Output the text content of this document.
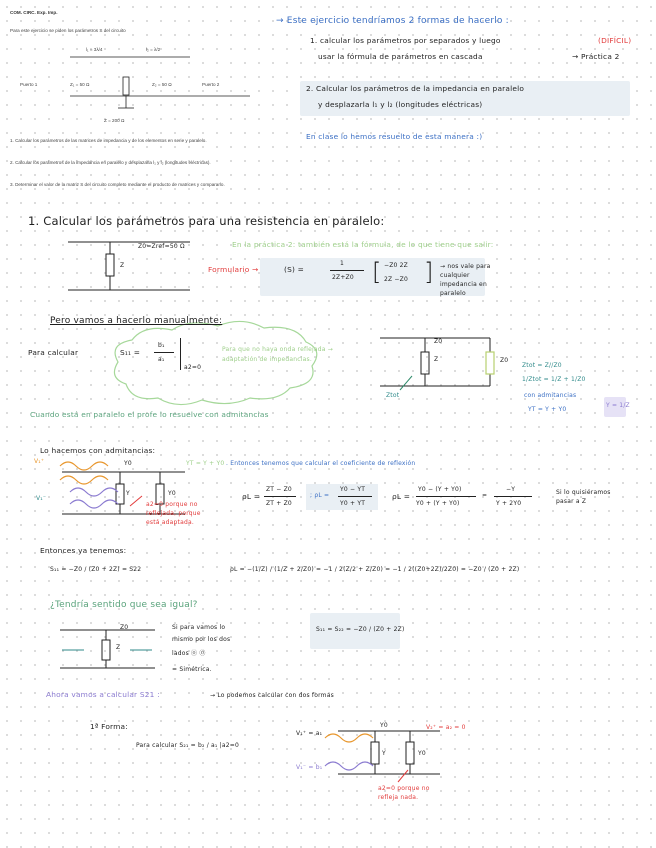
COM. CIRC. Exp. Imp.
Para este ejercicio se piden los parámetros S del circuito
l₁ = 3λ/4	l₂ = λ/2
Puerto 1	Z₁ = 50 Ω	Z₂ = 50 Ω	Puerto 2
Z = 200 Ω
1. Calcular los parámetros de las matrices de impedancia y de los elementos en serie y paralelo.
2. Calcular los parámetros de la impedancia en paralelo y desplazarla l₁ y l₂ (longitudes eléctricas).
3. Determinar el valor de la matriz S del circuito completo mediante el producto de matrices y compararlo.
→ Este ejercicio tendríamos 2 formas de hacerlo :
1. calcular los parámetros por separados y luego	(DIFÍCIL)
usar la fórmula de parámetros en cascada	→ Práctica 2
2. Calcular los parámetros de la impedancia en paralelo
y desplazarla l₁ y l₂ (longitudes eléctricas)
En clase lo hemos resuelto de esta manera :)
1. Calcular los parámetros para una resistencia en paralelo:
Z0=Zref=50 Ω
Z
En la práctica 2: también está la fórmula, de lo que tiene que salir:
Formulario →	(S) =
1
2Z+Z0 [ −Z0 2Z
2Z −Z0 ] → nos vale para cualquier impedancia en paralelo
Pero vamos a hacerlo manualmente:
Para calcular	S₁₁ =
b₁
a₁
a2=0
Para que no haya onda reflejada → adaptación de impedancias.
Z0
Z	Z0
Ztot
Ztot = Z//Z0
1/Ztot = 1/Z + 1/Z0
con admitancias
YT = Y + Y0
Y = 1/Z
Cuando está en paralelo el profe lo resuelve con admitancias
Lo hacemos con admitancias:
YT = Y + Y0 . Entonces tenemos que calcular el coeficiente de reflexión
V₁⁺
V₁⁻
Y0
Y	Y0
a2=0 porque no reflejada, porque está adaptada.
ρL =
ZT − Z0
ZT + Z0
; ρL =
Y0 − YT
Y0 + YT
ρL =
Y0 − (Y + Y0)
Y0 + (Y + Y0)
=
−Y
Y + 2Y0
Si lo quisiéramos pasar a Z
Entonces ya tenemos:
S₁₁ = −Z0 / (Z0 + 2Z) = S22	ρL = −(1/Z) / (1/Z + 2/Z0) = −1 / 2(Z/2 + Z/Z0) = −1 / 2((Z0+2Z)/2Z0) = −Z0 / (Z0 + 2Z)
¿Tendría sentido que sea igual?
Z
Z0	Si para vamos lo
mismo por los dos
lados ⓪ ⓪
= Simétrica.
S₁₁ = S₂₂ = −Z0 / (Z0 + 2Z)
Ahora vamos a calcular S21 :	→ Lo podemos calcular con dos formas
1ª Forma:
Para calcular S₂₁ = b₂ / a₁ |a2=0
V₁⁺ = a₁
V₁⁻ = b₁
V₂⁺ = a₂ = 0
Y0
Y	Y0
a2=0 porque no refleja nada.
